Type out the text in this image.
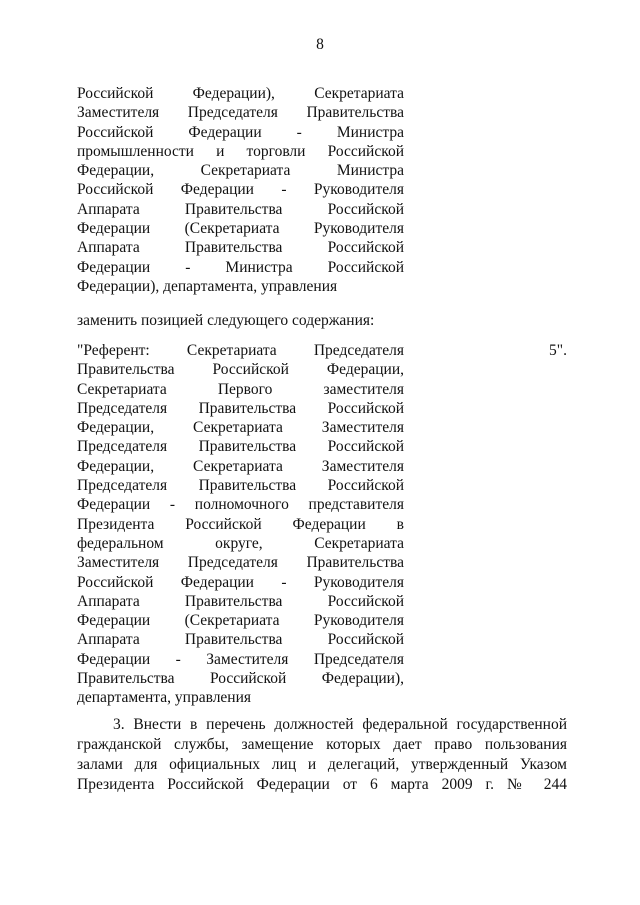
8
Российской Федерации), Секретариата
Заместителя Председателя Правительства
Российской Федерации - Министра
промышленности и торговли Российской
Федерации, Секретариата Министра
Российской Федерации - Руководителя
Аппарата Правительства Российской
Федерации (Секретариата Руководителя
Аппарата Правительства Российской
Федерации - Министра Российской
Федерации), департамента, управления
заменить позицией следующего содержания:
"Референт: Секретариата Председателя
Правительства Российской Федерации,
Секретариата Первого заместителя
Председателя Правительства Российской
Федерации, Секретариата Заместителя
Председателя Правительства Российской
Федерации, Секретариата Заместителя
Председателя Правительства Российской
Федерации - полномочного представителя
Президента Российской Федерации в
федеральном округе, Секретариата
Заместителя Председателя Правительства
Российской Федерации - Руководителя
Аппарата Правительства Российской
Федерации (Секретариата Руководителя
Аппарата Правительства Российской
Федерации - Заместителя Председателя
Правительства Российской Федерации),
департамента, управления
5".
3. Внести в перечень должностей федеральной государственной
гражданской службы, замещение которых дает право пользования
залами для официальных лиц и делегаций, утвержденный Указом
Президента Российской Федерации от 6 марта 2009 г. № 244
